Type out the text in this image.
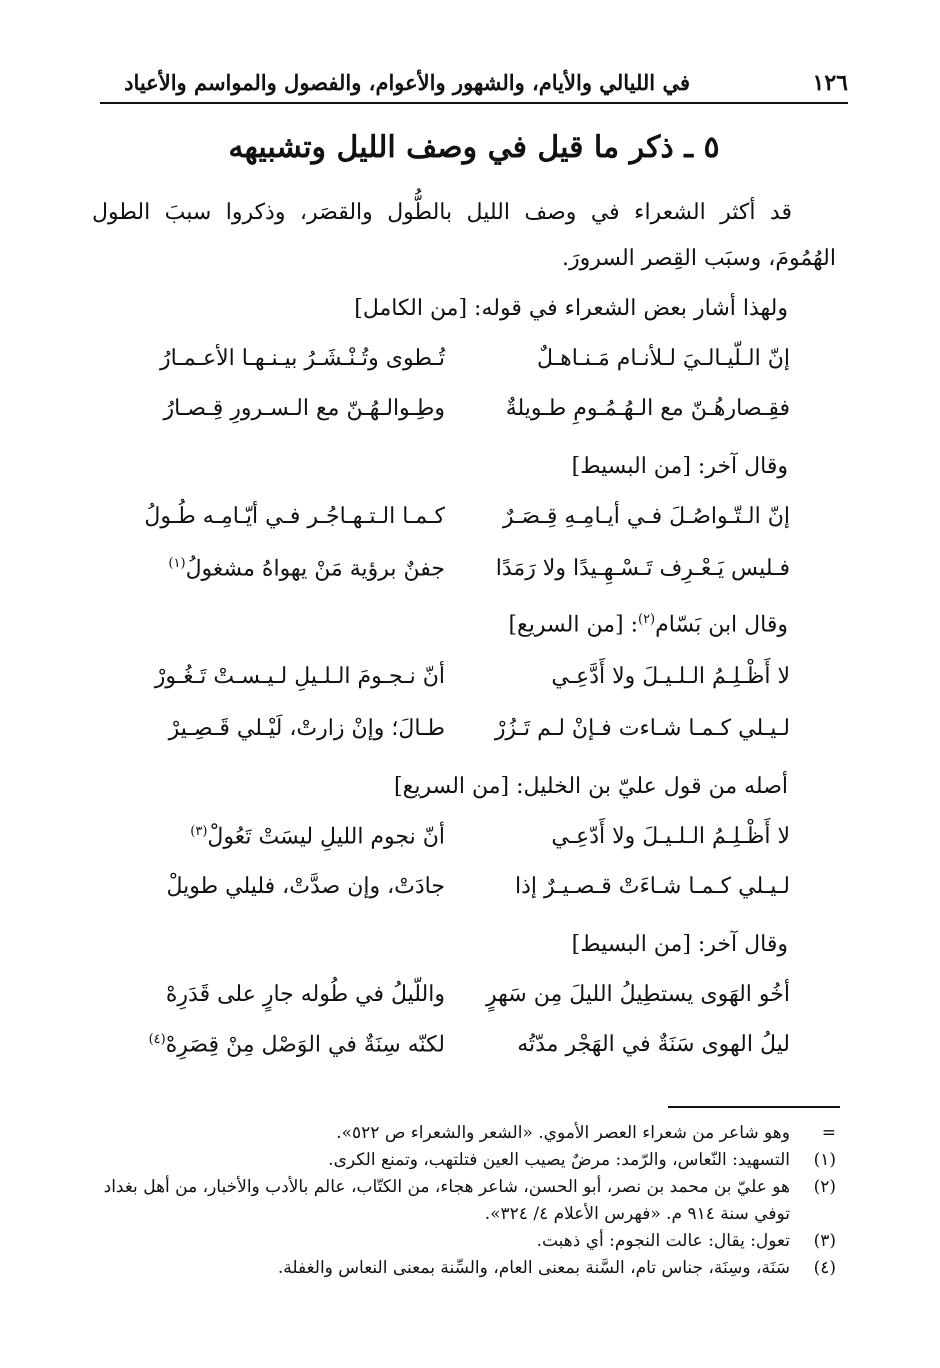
١٢٦
في الليالي والأيام، والشهور والأعوام، والفصول والمواسم والأعياد
٥ ـ ذكر ما قيل في وصف الليل وتشبيهه
قد أكثر الشعراء في وصف الليل بالطُّول والقصَر، وذكروا سببَ الطول الهُمُومَ، وسبَب القِصر السرورَ.
ولهذا أشار بعض الشعراء في قوله: [من الكامل]
إنّ الـلّيـالـيَ لـلأنـام مَـنـاهـلٌ
تُـطوى وتُـنْـشَـرُ بيـنـهـا الأعـمـارُ
فقِـصارهُـنّ مع الـهُـمُـومِ طـويلةٌ
وطِـوالـهُـنّ مع الـسـرورِ قِـصـارُ
وقال آخر: [من البسيط]
إنّ الـتّـواصُـلَ فـي أيـامِـهِ قِـصَـرٌ
كـمـا الـتـهـاجُـر فـي أيّـامِـه طُـولُ
فـليس يَـعْـرِف تَـسْـهِـيدًا ولا رَمَدًا
جفنٌ برؤية مَنْ يهواهُ مشغولُ$^{(١)}$
وقال ابن بَسّام$^{(٢)}$: [من السريع]
لا أَظْـلِـمُ الـلـيـلَ ولا أَدَّعِـي
أنّ نـجـومَ الـلـيلِ لـيـسـتْ تَـغُـورْ
لـيـلي كـمـا شـاءت فـإنْ لـم تَـزُرْ
طـالَ؛ وإنْ زارتْ، لَيْـلي قَـصِـيرْ
أصله من قول عليّ بن الخليل: [من السريع]
لا أَظْـلِـمُ الـلـيـلَ ولا أَدّعِـي
أنّ نجوم الليلِ ليسَتْ تَعُولْ$^{(٣)}$
لـيـلي كـمـا شـاءَتْ قـصـيـرٌ إذا
جادَتْ، وإن صدَّتْ، فليلي طويلْ
وقال آخر: [من البسيط]
أخُو الهَوى يستطِيلُ الليلَ مِن سَهرٍ
واللّيلُ في طُوله جارٍ على قَدَرِهْ
ليلُ الهوى سَنَةٌ في الهَجْر مدّتُه
لكنّه سِنَةٌ في الوَصْل مِنْ قِصَرِهْ$^{(٤)}$
=
وهو شاعر من شعراء العصر الأموي. «الشعر والشعراء ص ٥٢٢».
(١)
التسهيد: النّعاس، والرّمد: مرضٌ يصيب العين فتلتهب، وتمنع الكرى.
(٢)
هو عليّ بن محمد بن نصر، أبو الحسن، شاعر هجاء، من الكتّاب، عالم بالأدب والأخبار، من أهل بغداد توفي سنة ٩١٤ م. «فهرس الأعلام ٤/ ٣٢٤».
(٣)
تعول: يقال: عالت النجوم: أي ذهبت.
(٤)
سَنَة، وسِنَة، جناس تام، السَّنة بمعنى العام، والسِّنة بمعنى النعاس والغفلة.
